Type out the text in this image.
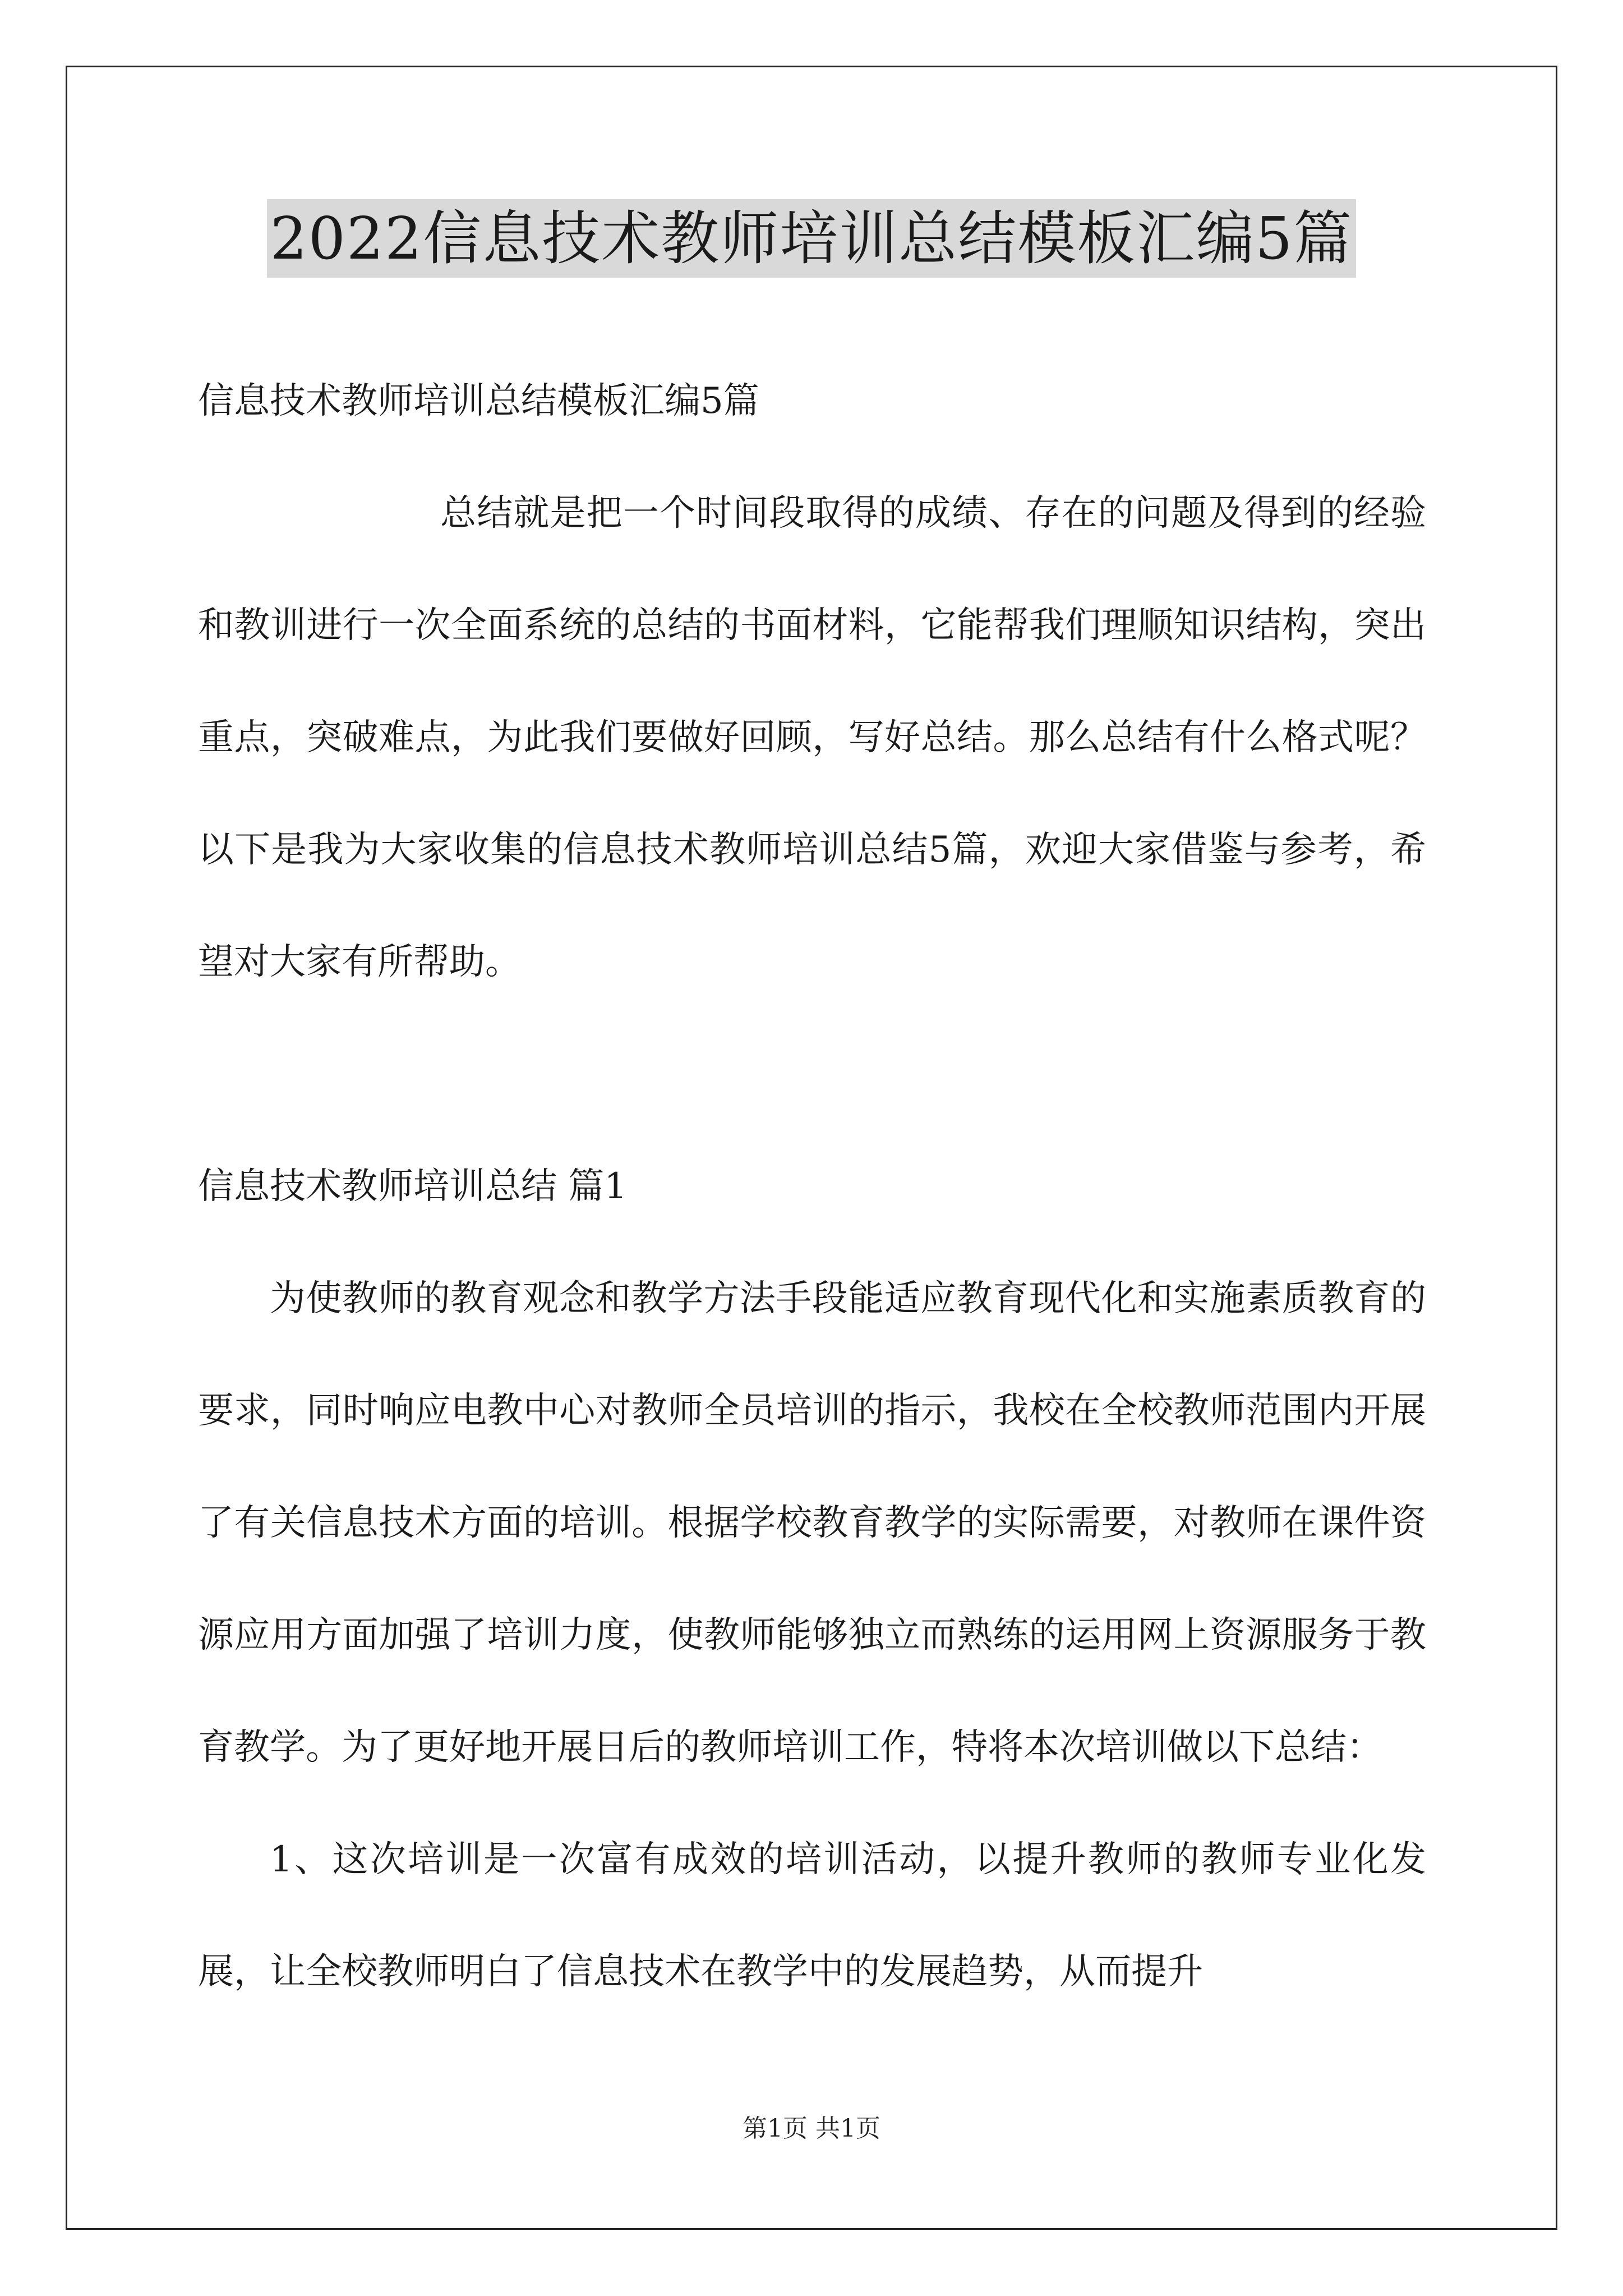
2022信息技术教师培训总结模板汇编5篇

信息技术教师培训总结模板汇编5篇

总结就是把一个时间段取得的成绩、存在的问题及得到的经验和教训进行一次全面系统的总结的书面材料，它能帮我们理顺知识结构，突出重点，突破难点，为此我们要做好回顾，写好总结。那么总结有什么格式呢？以下是我为大家收集的信息技术教师培训总结5篇，欢迎大家借鉴与参考，希望对大家有所帮助。

信息技术教师培训总结 篇1

为使教师的教育观念和教学方法手段能适应教育现代化和实施素质教育的要求，同时响应电教中心对教师全员培训的指示，我校在全校教师范围内开展了有关信息技术方面的培训。根据学校教育教学的实际需要，对教师在课件资源应用方面加强了培训力度，使教师能够独立而熟练的运用网上资源服务于教育教学。为了更好地开展日后的教师培训工作，特将本次培训做以下总结：

1、这次培训是一次富有成效的培训活动，以提升教师的教师专业化发展，让全校教师明白了信息技术在教学中的发展趋势，从而提升

第1页 共1页
